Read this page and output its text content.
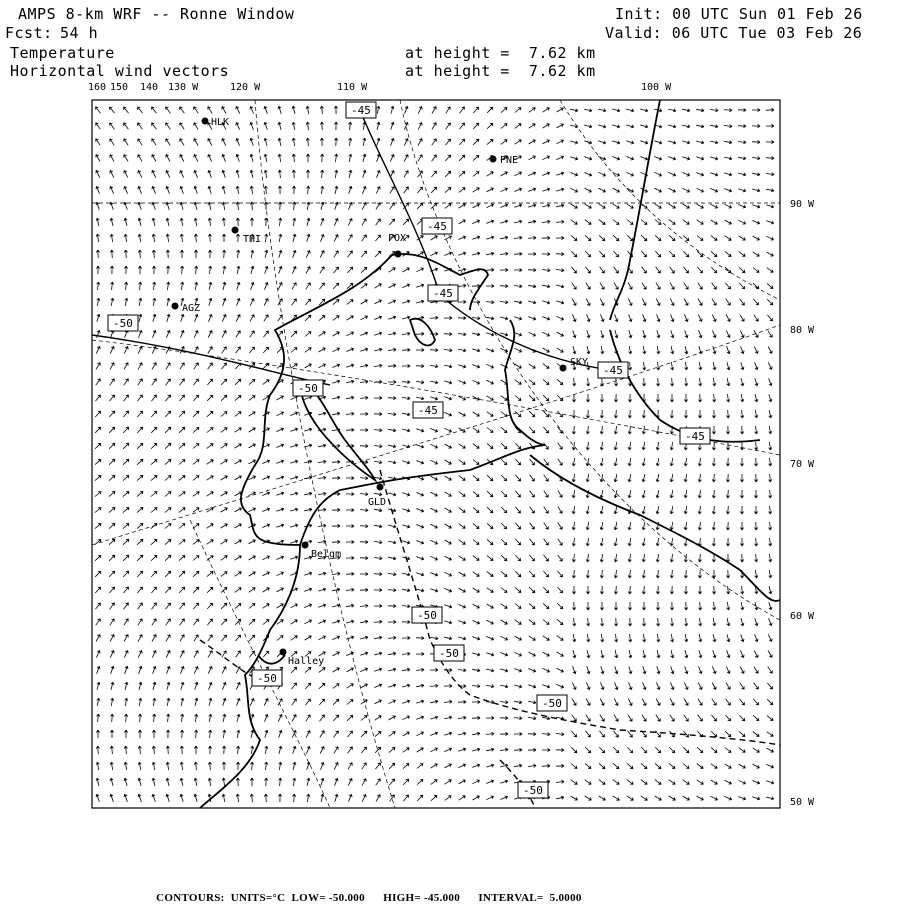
AMPS 8-km WRF -- Ronne Window	Init: 00 UTC Sun 01 Feb 26
Fcst: 54 h	Valid: 06 UTC Tue 03 Feb 26
Temperature	at height =  7.62 km
Horizontal wind vectors	at height =  7.62 km
160 150 140 130 W	120 W	110 W	100 W
90 W
80 W
70 W
60 W
50 W
-45
-45
-45
-50
-50
-45
-45
-45
-50
-50
-50
-50
-50
HLK
PNE
THI	FOX
AGZ
SKY
GLD
Belgm
Halley

CONTOURS: UNITS=°C LOW= -50.000 HIGH= -45.000 INTERVAL=  5.0000
